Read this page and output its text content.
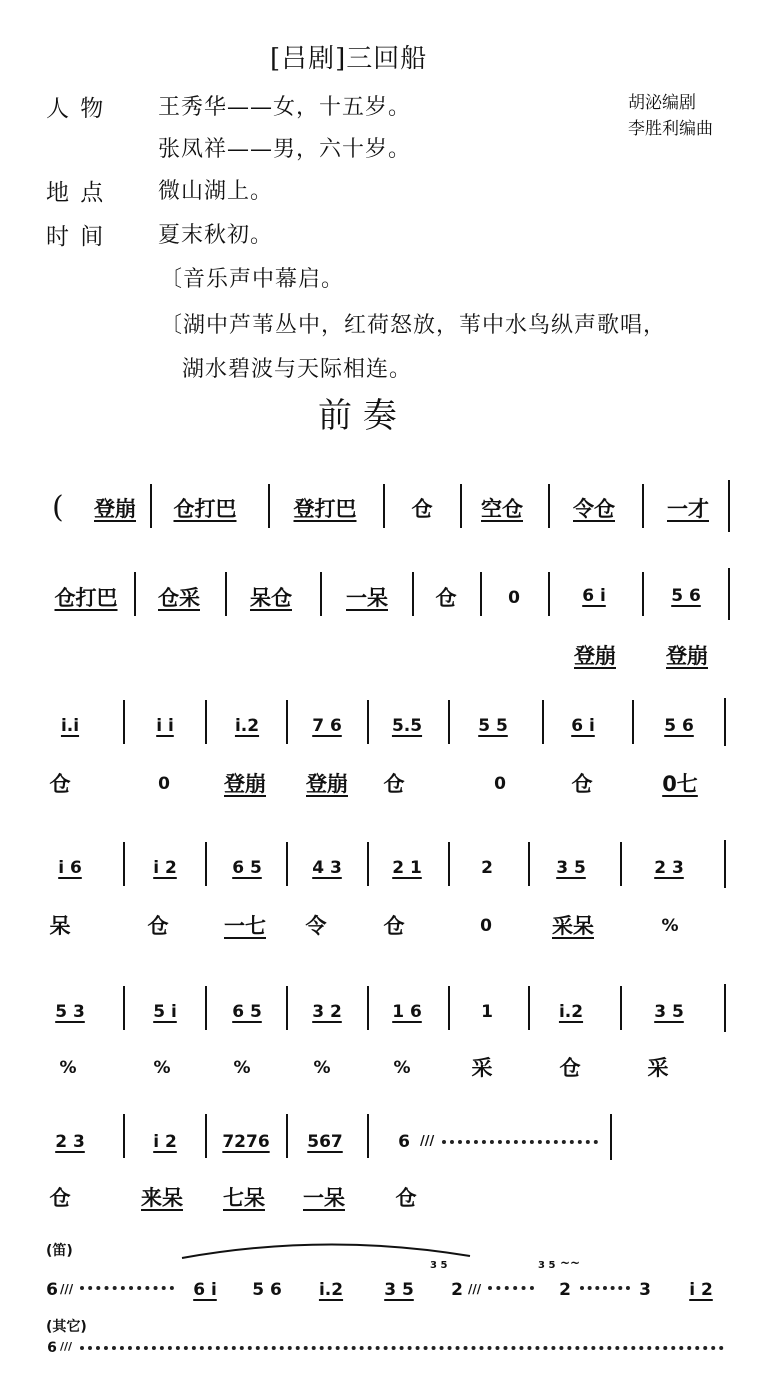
[吕剧]三回船
胡泌编剧
李胜利编曲
人 物 王秀华——女，十五岁。
张凤祥——男，六十岁。
地 点 微山湖上。
时 间 夏末秋初。
〔音乐声中幕启。
〔湖中芦苇丛中，红荷怒放，苇中水鸟纵声歌唱，
湖水碧波与天际相连。
前 奏
(	登崩	仓打巴	登打巴	仓	空仓	令仓	一才
仓打巴	仓采	呆仓	一呆	仓	0	6 i	5 6
登崩	登崩
i.i	i i	i.2	7 6	5.5	5 5	6 i	5 6
仓	0	登崩	登崩	仓	0	仓	0七
i 6	i 2	6 5	4 3	2 1	2	3 5	2 3
呆	仓	一七	令	仓	0	采呆	%
5 3	5 i	6 5	3 2	1 6	1	i.2	3 5
%	%	%	%	%	采	仓	采
2 3	i 2	7276	567	6 ///
仓	来呆	七呆	一呆	仓
(笛)
6 ///	6 i	5 6	i.2	3 5
3 5
2 ///
3 5 ~~
2	3	i 2
(其它)
6 ///
